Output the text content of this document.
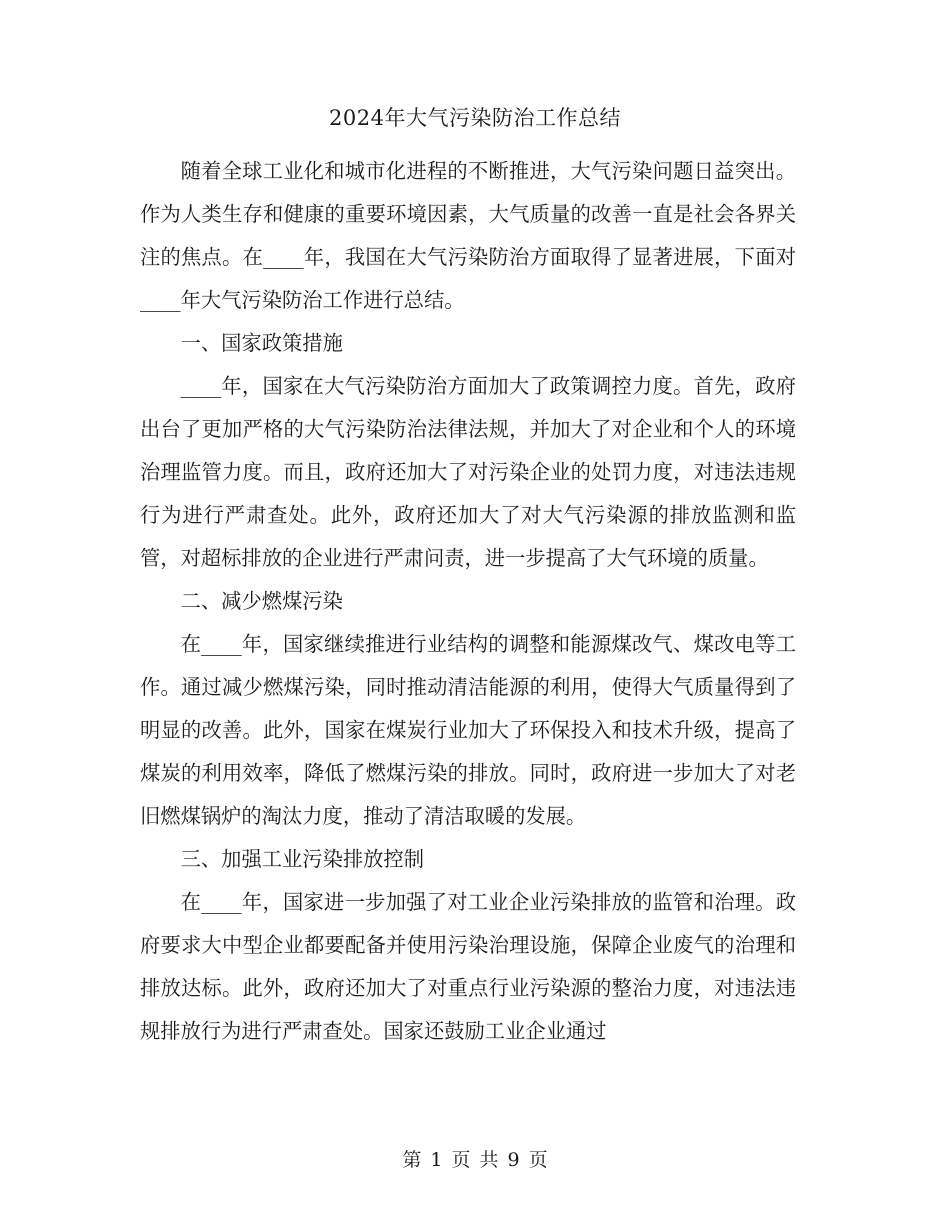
2024年大气污染防治工作总结

随着全球工业化和城市化进程的不断推进，大气污染问题日益突出。作为人类生存和健康的重要环境因素，大气质量的改善一直是社会各界关注的焦点。在____年，我国在大气污染防治方面取得了显著进展，下面对____年大气污染防治工作进行总结。

一、国家政策措施

____年，国家在大气污染防治方面加大了政策调控力度。首先，政府出台了更加严格的大气污染防治法律法规，并加大了对企业和个人的环境治理监管力度。而且，政府还加大了对污染企业的处罚力度，对违法违规行为进行严肃查处。此外，政府还加大了对大气污染源的排放监测和监管，对超标排放的企业进行严肃问责，进一步提高了大气环境的质量。

二、减少燃煤污染

在____年，国家继续推进行业结构的调整和能源煤改气、煤改电等工作。通过减少燃煤污染，同时推动清洁能源的利用，使得大气质量得到了明显的改善。此外，国家在煤炭行业加大了环保投入和技术升级，提高了煤炭的利用效率，降低了燃煤污染的排放。同时，政府进一步加大了对老旧燃煤锅炉的淘汰力度，推动了清洁取暖的发展。

三、加强工业污染排放控制

在____年，国家进一步加强了对工业企业污染排放的监管和治理。政府要求大中型企业都要配备并使用污染治理设施，保障企业废气的治理和排放达标。此外，政府还加大了对重点行业污染源的整治力度，对违法违规排放行为进行严肃查处。国家还鼓励工业企业通过

第 1 页 共 9 页
